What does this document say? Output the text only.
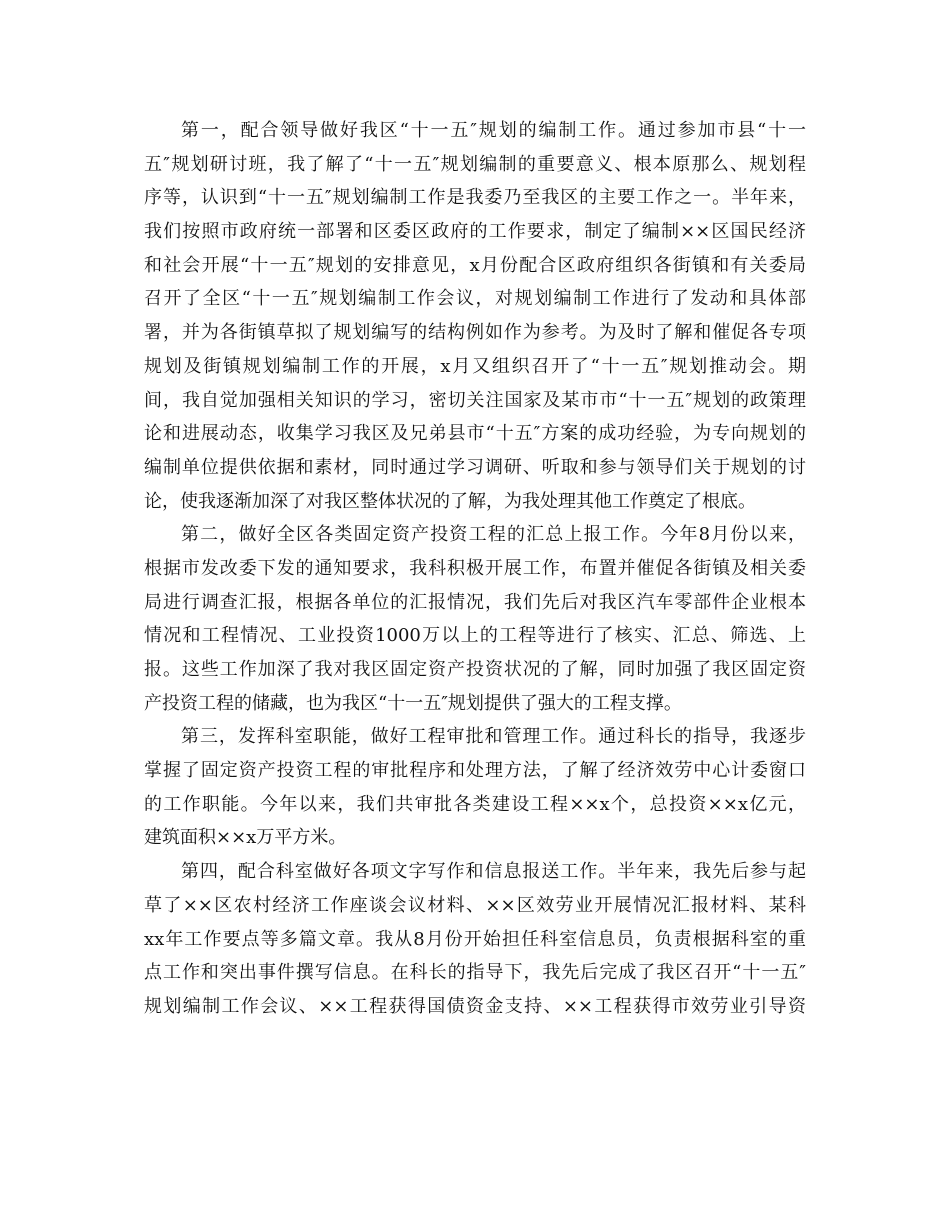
第一，配合领导做好我区“十一五″规划的编制工作。通过参加市县“十一
五″规划研讨班，我了解了“十一五″规划编制的重要意义、根本原那么、规划程
序等，认识到“十一五″规划编制工作是我委乃至我区的主要工作之一。半年来，
我们按照市政府统一部署和区委区政府的工作要求，制定了编制××区国民经济
和社会开展“十一五″规划的安排意见，x月份配合区政府组织各街镇和有关委局
召开了全区“十一五″规划编制工作会议，对规划编制工作进行了发动和具体部
署，并为各街镇草拟了规划编写的结构例如作为参考。为及时了解和催促各专项
规划及街镇规划编制工作的开展，x月又组织召开了“十一五″规划推动会。期
间，我自觉加强相关知识的学习，密切关注国家及某市市“十一五″规划的政策理
论和进展动态，收集学习我区及兄弟县市“十五″方案的成功经验，为专向规划的
编制单位提供依据和素材，同时通过学习调研、听取和参与领导们关于规划的讨
论，使我逐渐加深了对我区整体状况的了解，为我处理其他工作奠定了根底。
第二，做好全区各类固定资产投资工程的汇总上报工作。今年8月份以来，
根据市发改委下发的通知要求，我科积极开展工作，布置并催促各街镇及相关委
局进行调查汇报，根据各单位的汇报情况，我们先后对我区汽车零部件企业根本
情况和工程情况、工业投资1000万以上的工程等进行了核实、汇总、筛选、上
报。这些工作加深了我对我区固定资产投资状况的了解，同时加强了我区固定资
产投资工程的储藏，也为我区“十一五″规划提供了强大的工程支撑。
第三，发挥科室职能，做好工程审批和管理工作。通过科长的指导，我逐步
掌握了固定资产投资工程的审批程序和处理方法，了解了经济效劳中心计委窗口
的工作职能。今年以来，我们共审批各类建设工程××x个，总投资××x亿元，
建筑面积××x万平方米。
第四，配合科室做好各项文字写作和信息报送工作。半年来，我先后参与起
草了××区农村经济工作座谈会议材料、××区效劳业开展情况汇报材料、某科
xx年工作要点等多篇文章。我从8月份开始担任科室信息员，负责根据科室的重
点工作和突出事件撰写信息。在科长的指导下，我先后完成了我区召开“十一五″
规划编制工作会议、××工程获得国债资金支持、××工程获得市效劳业引导资
